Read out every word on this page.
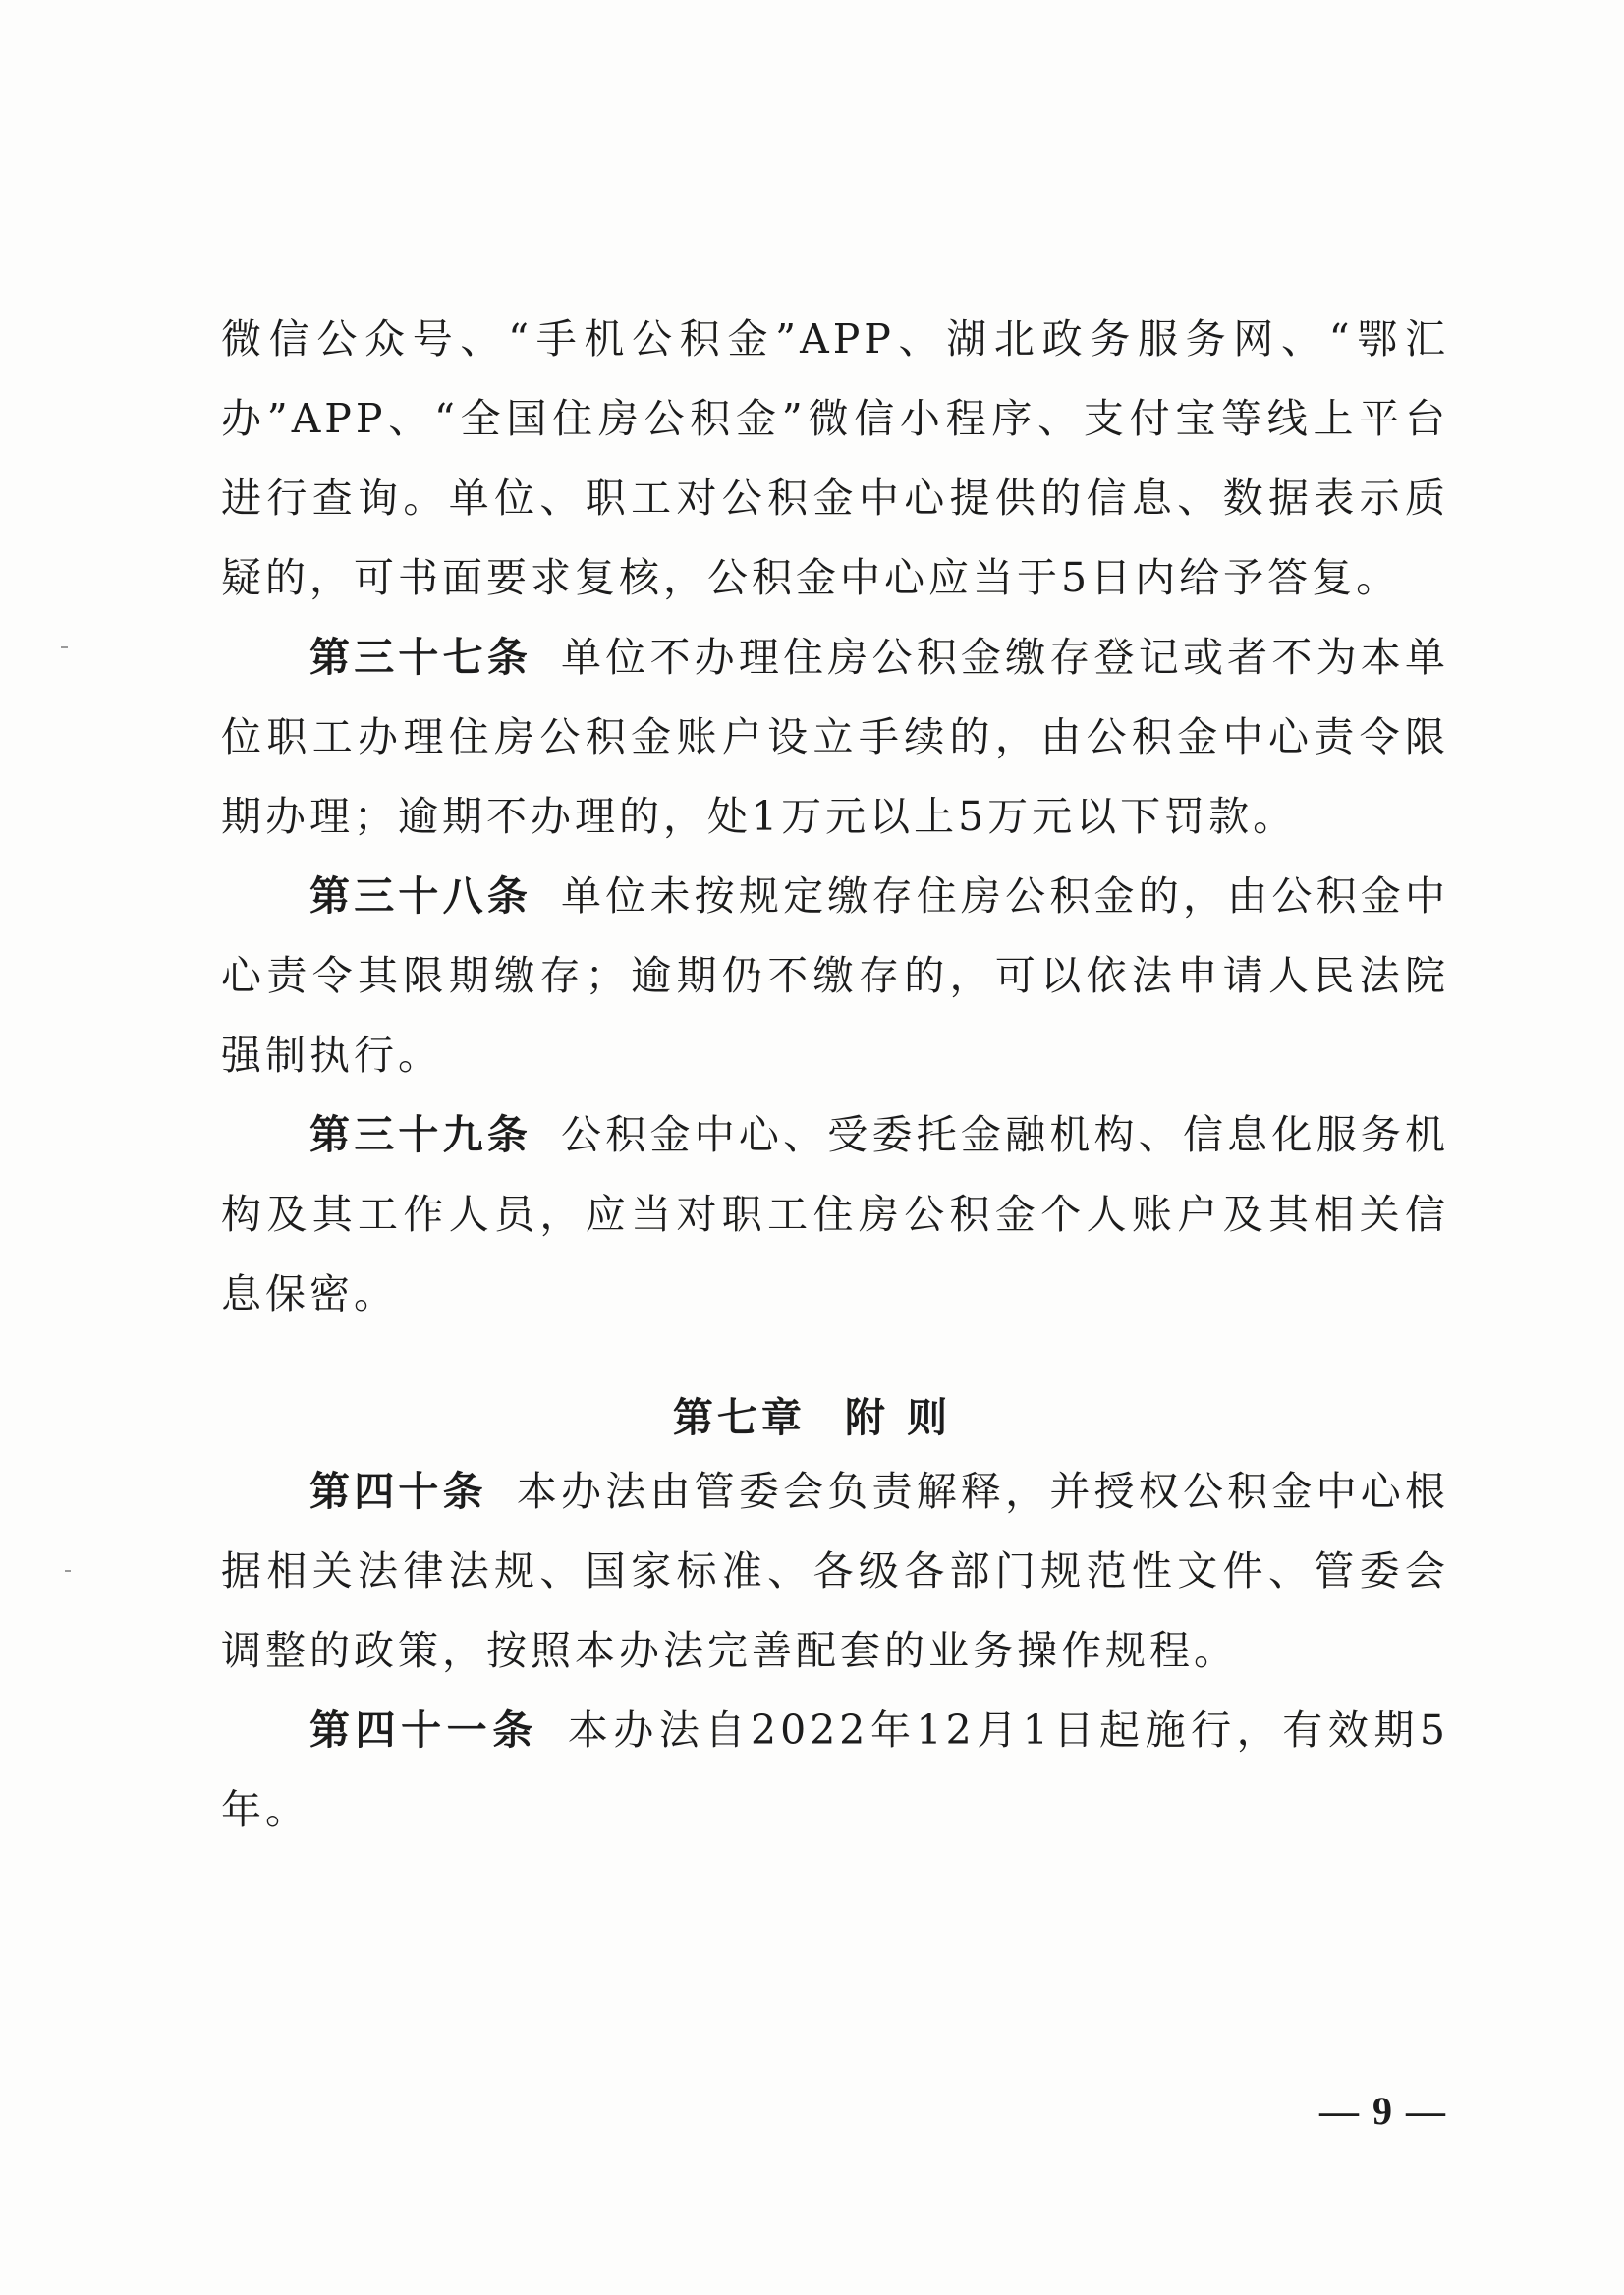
微信公众号、“手机公积金”APP、湖北政务服务网、“鄂汇办”APP、“全国住房公积金”微信小程序、支付宝等线上平台进行查询。单位、职工对公积金中心提供的信息、数据表示质疑的，可书面要求复核，公积金中心应当于5日内给予答复。

第三十七条 单位不办理住房公积金缴存登记或者不为本单位职工办理住房公积金账户设立手续的，由公积金中心责令限期办理；逾期不办理的，处1万元以上5万元以下罚款。

第三十八条 单位未按规定缴存住房公积金的，由公积金中心责令其限期缴存；逾期仍不缴存的，可以依法申请人民法院强制执行。

第三十九条 公积金中心、受委托金融机构、信息化服务机构及其工作人员，应当对职工住房公积金个人账户及其相关信息保密。

第七章 附 则

第四十条 本办法由管委会负责解释，并授权公积金中心根据相关法律法规、国家标准、各级各部门规范性文件、管委会调整的政策，按照本办法完善配套的业务操作规程。

第四十一条 本办法自2022年12月1日起施行，有效期5年。

— 9 —
